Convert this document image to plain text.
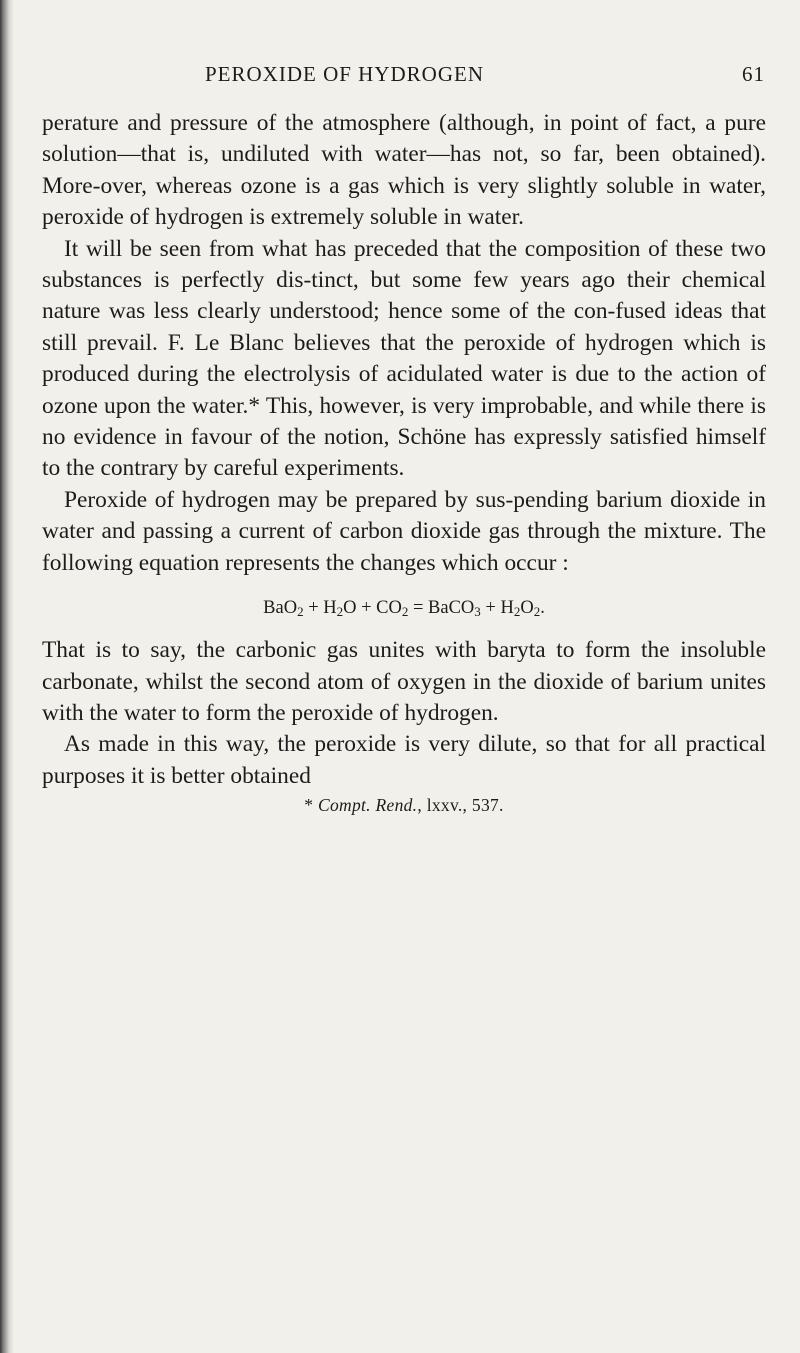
PEROXIDE OF HYDROGEN	61

perature and pressure of the atmosphere (although, in point of fact, a pure solution—that is, undiluted with water—has not, so far, been obtained). More-over, whereas ozone is a gas which is very slightly soluble in water, peroxide of hydrogen is extremely soluble in water.

It will be seen from what has preceded that the composition of these two substances is perfectly dis-tinct, but some few years ago their chemical nature was less clearly understood; hence some of the con-fused ideas that still prevail. F. Le Blanc believes that the peroxide of hydrogen which is produced during the electrolysis of acidulated water is due to the action of ozone upon the water.* This, however, is very improbable, and while there is no evidence in favour of the notion, Schöne has expressly satisfied himself to the contrary by careful experiments.

Peroxide of hydrogen may be prepared by sus-pending barium dioxide in water and passing a current of carbon dioxide gas through the mixture. The following equation represents the changes which occur :

$BaO_2 + H_2O + CO_2$ = BaCO$_3$ + $H_2O_2$.

That is to say, the carbonic gas unites with baryta to form the insoluble carbonate, whilst the second atom of oxygen in the dioxide of barium unites with the water to form the peroxide of hydrogen.

As made in this way, the peroxide is very dilute, so that for all practical purposes it is better obtained

* Compt. Rend., lxxv., 537.
